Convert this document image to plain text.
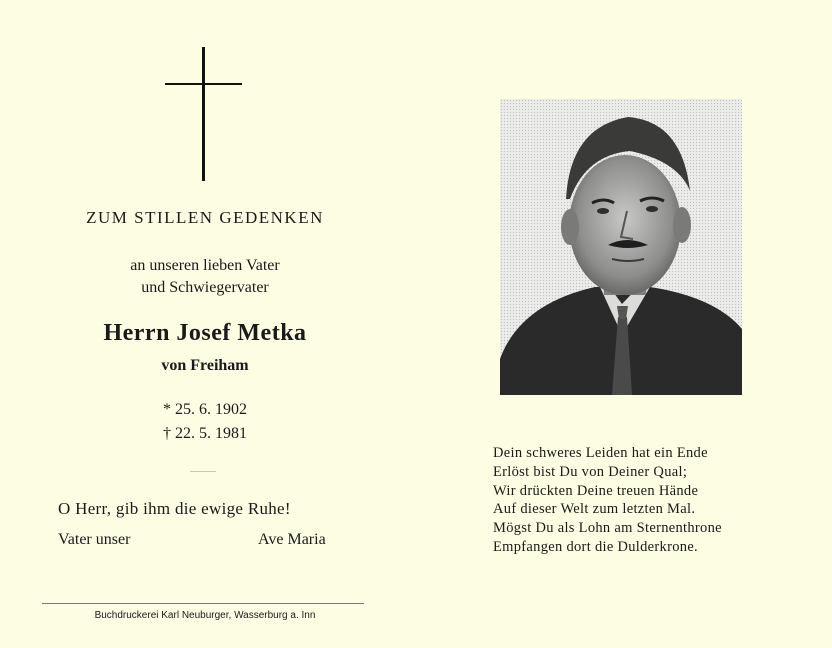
ZUM STILLEN GEDENKEN
an unseren lieben Vater
und Schwiegervater
Herrn Josef Metka
von Freiham
* 25. 6. 1902
† 22. 5. 1981
O Herr, gib ihm die ewige Ruhe!
Vater unser	Ave Maria
Buchdruckerei Karl Neuburger, Wasserburg a. Inn
Dein schweres Leiden hat ein Ende
Erlöst bist Du von Deiner Qual;
Wir drückten Deine treuen Hände
Auf dieser Welt zum letzten Mal.
Mögst Du als Lohn am Sternenthrone
Empfangen dort die Dulderkrone.
